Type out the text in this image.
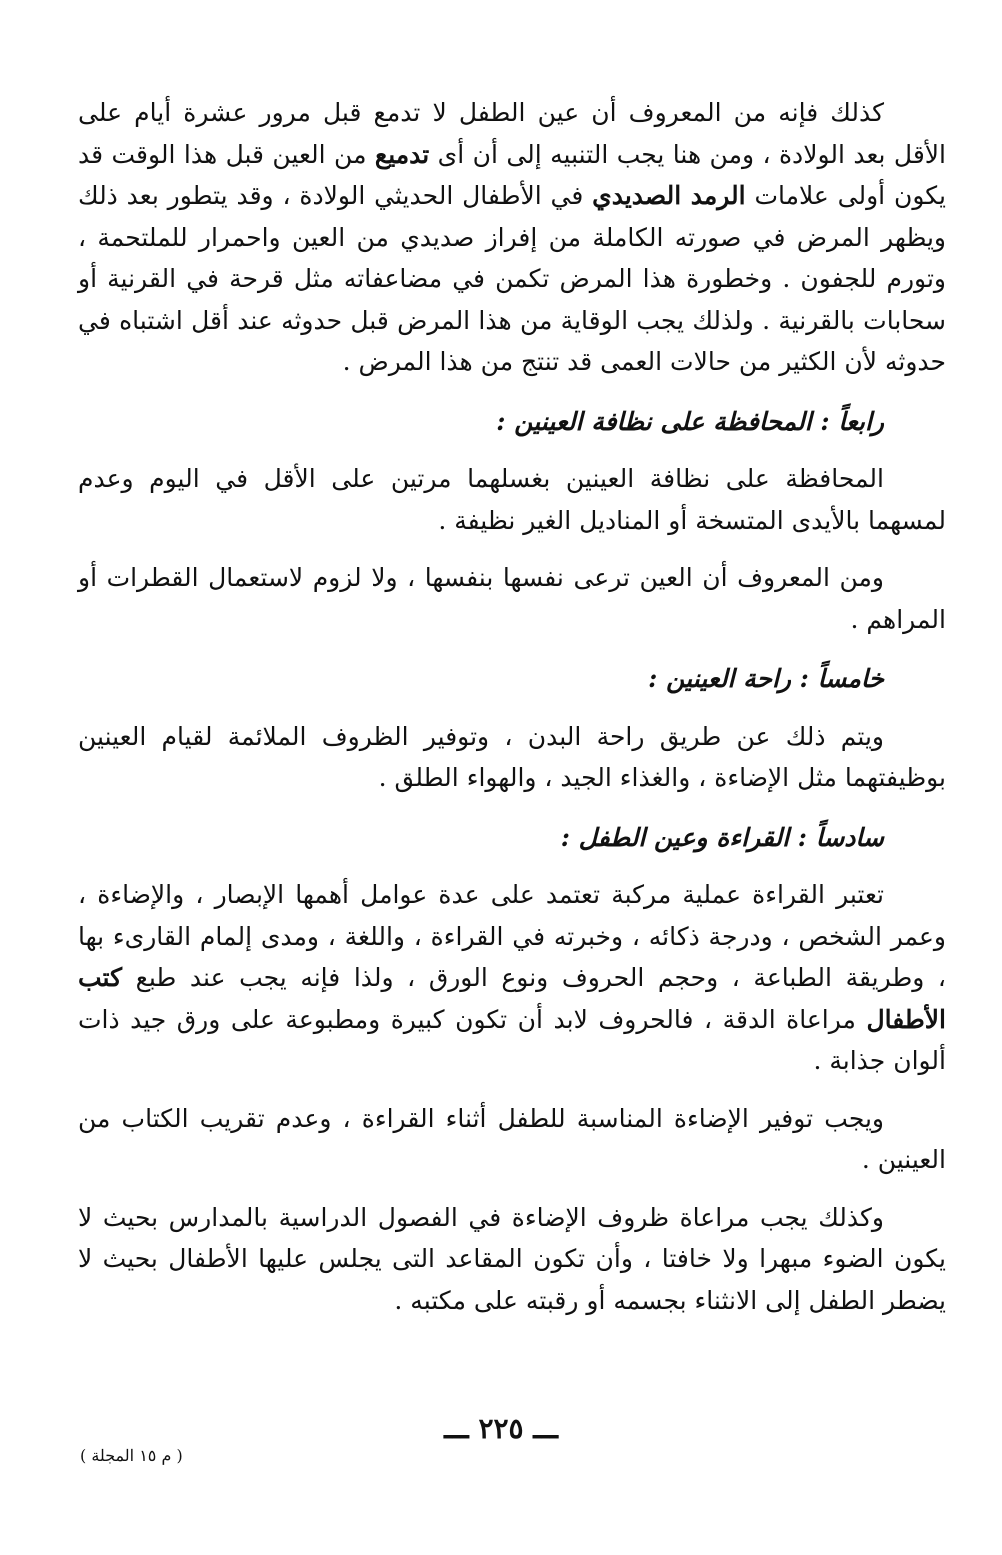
كذلك فإنه من المعروف أن عين الطفل لا تدمع قبل مرور عشرة أيام على الأقل بعد الولادة ، ومن هنا يجب التنبيه إلى أن أى تدميع من العين قبل هذا الوقت قد يكون أولى علامات الرمد الصديدي في الأطفال الحديثي الولادة ، وقد يتطور بعد ذلك ويظهر المرض في صورته الكاملة من إفراز صديدي من العين واحمرار للملتحمة ، وتورم للجفون . وخطورة هذا المرض تكمن في مضاعفاته مثل قرحة في القرنية أو سحابات بالقرنية . ولذلك يجب الوقاية من هذا المرض قبل حدوثه عند أقل اشتباه في حدوثه لأن الكثير من حالات العمى قد تنتج من هذا المرض .

رابعاً : المحافظة على نظافة العينين :

المحافظة على نظافة العينين بغسلهما مرتين على الأقل في اليوم وعدم لمسهما بالأيدى المتسخة أو المناديل الغير نظيفة .

ومن المعروف أن العين ترعى نفسها بنفسها ، ولا لزوم لاستعمال القطرات أو المراهم .

خامساً : راحة العينين :

ويتم ذلك عن طريق راحة البدن ، وتوفير الظروف الملائمة لقيام العينين بوظيفتهما مثل الإضاءة ، والغذاء الجيد ، والهواء الطلق .

سادساً : القراءة وعين الطفل :

تعتبر القراءة عملية مركبة تعتمد على عدة عوامل أهمها الإبصار ، والإضاءة ، وعمر الشخص ، ودرجة ذكائه ، وخبرته في القراءة ، واللغة ، ومدى إلمام القارىء بها ، وطريقة الطباعة ، وحجم الحروف ونوع الورق ، ولذا فإنه يجب عند طبع كتب الأطفال مراعاة الدقة ، فالحروف لابد أن تكون كبيرة ومطبوعة على ورق جيد ذات ألوان جذابة .

ويجب توفير الإضاءة المناسبة للطفل أثناء القراءة ، وعدم تقريب الكتاب من العينين .

وكذلك يجب مراعاة ظروف الإضاءة في الفصول الدراسية بالمدارس بحيث لا يكون الضوء مبهرا ولا خافتا ، وأن تكون المقاعد التى يجلس عليها الأطفال بحيث لا يضطر الطفل إلى الانثناء بجسمه أو رقبته على مكتبه .

ـــ ٢٢٥ ـــ
( م ١٥ المجلة )
